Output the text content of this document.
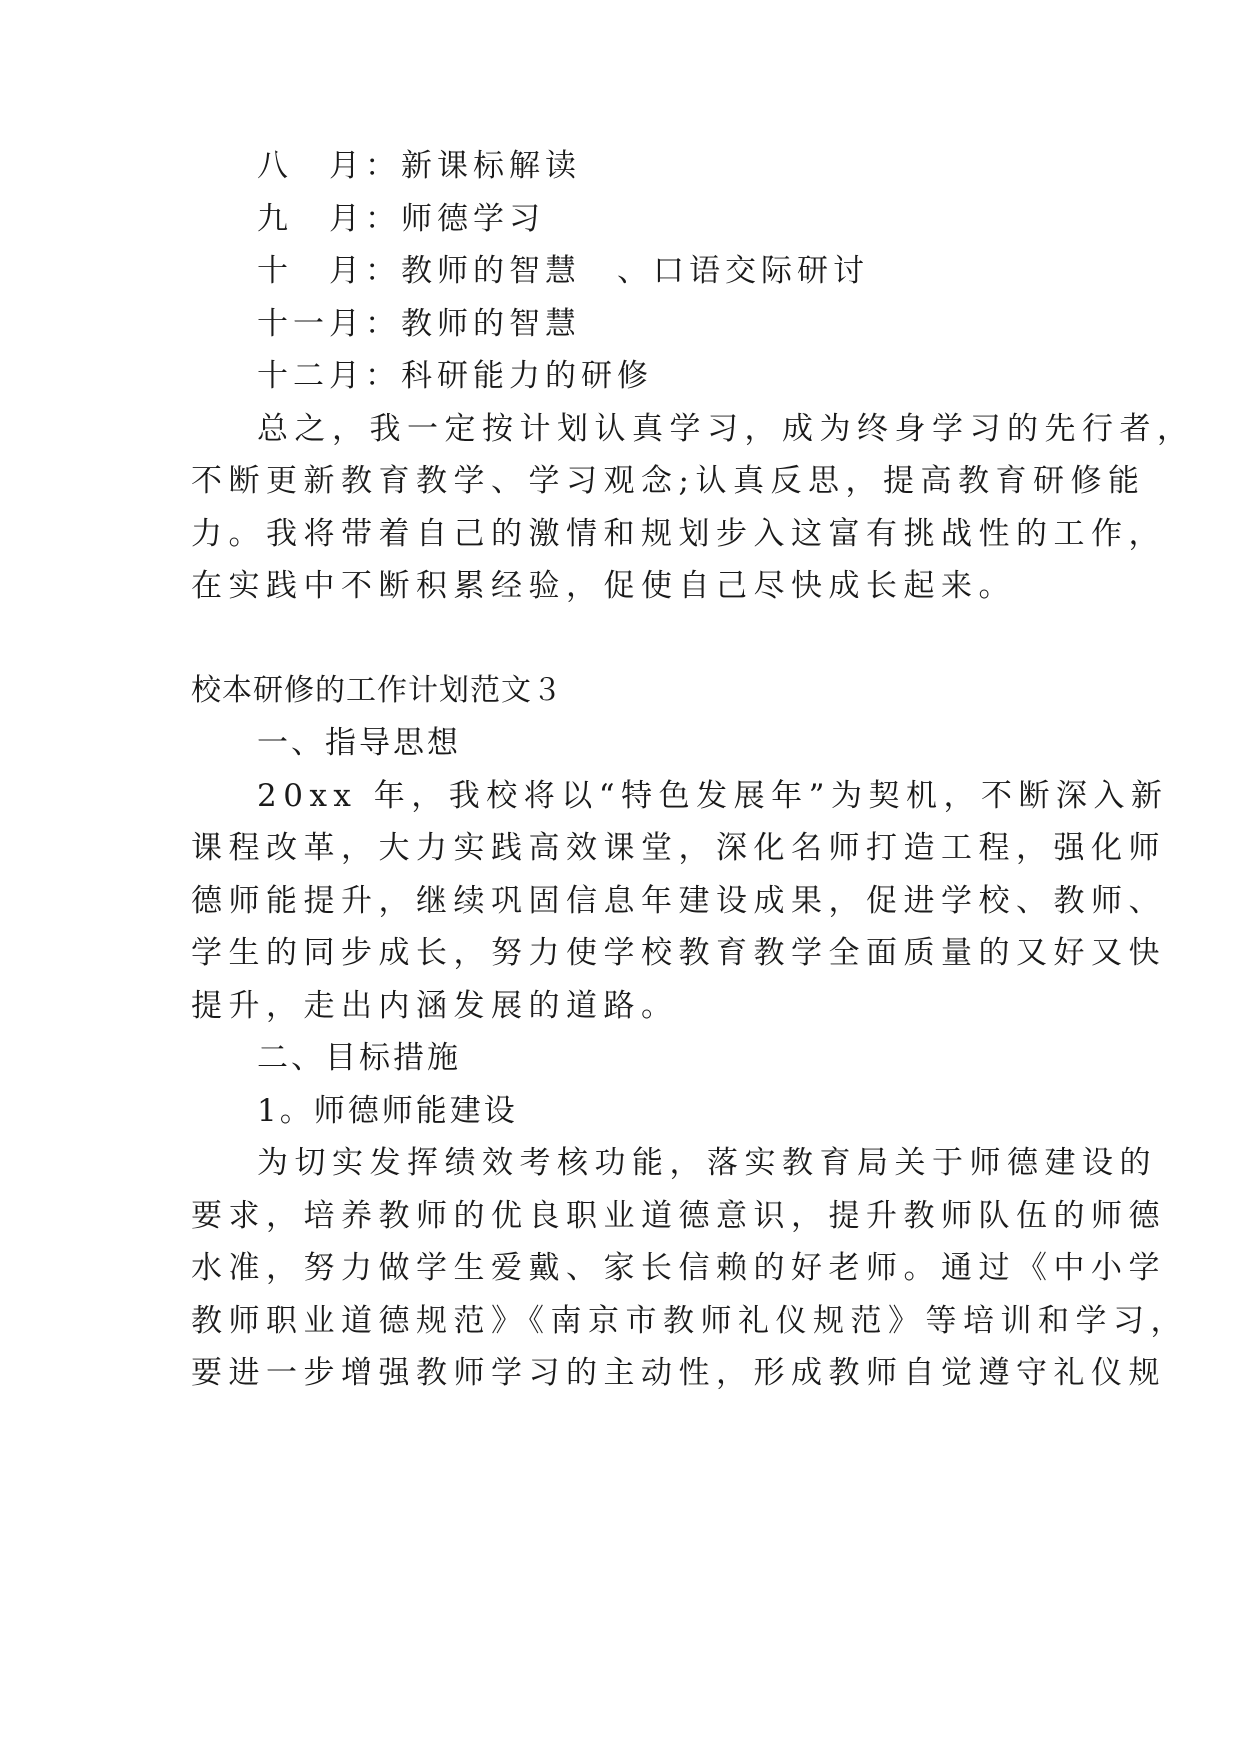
八　月：新课标解读
九　月：师德学习
十　月：教师的智慧　、口语交际研讨
十一月：教师的智慧
十二月：科研能力的研修
总之，我一定按计划认真学习，成为终身学习的先行者，
不断更新教育教学、学习观念;认真反思，提高教育研修能
力。我将带着自己的激情和规划步入这富有挑战性的工作，
在实践中不断积累经验，促使自己尽快成长起来。
校本研修的工作计划范文３
一、指导思想
20xx 年，我校将以“特色发展年”为契机，不断深入新
课程改革，大力实践高效课堂，深化名师打造工程，强化师
德师能提升，继续巩固信息年建设成果，促进学校、教师、
学生的同步成长，努力使学校教育教学全面质量的又好又快
提升，走出内涵发展的道路。
二、目标措施
1。师德师能建设
为切实发挥绩效考核功能，落实教育局关于师德建设的
要求，培养教师的优良职业道德意识，提升教师队伍的师德
水准，努力做学生爱戴、家长信赖的好老师。通过《中小学
教师职业道德规范》《南京市教师礼仪规范》等培训和学习，
要进一步增强教师学习的主动性，形成教师自觉遵守礼仪规
